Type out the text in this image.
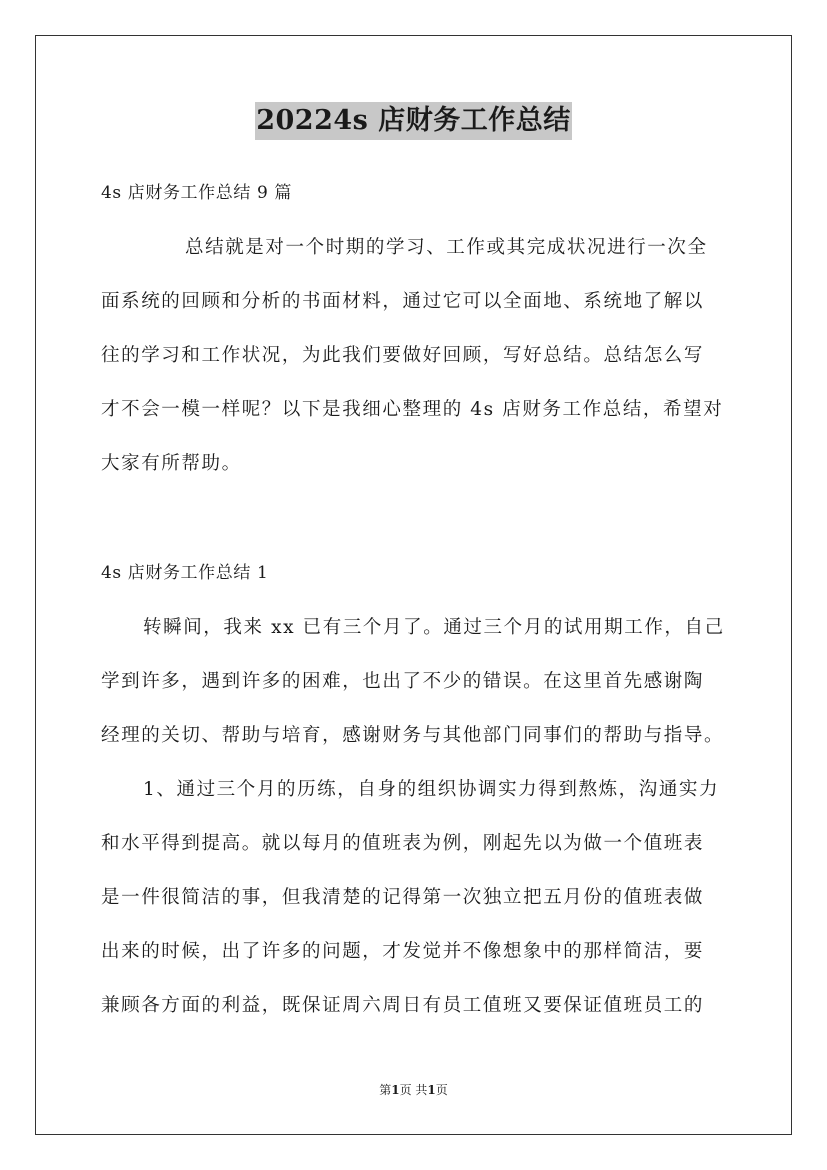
20224s 店财务工作总结
4s 店财务工作总结 9 篇
总结就是对一个时期的学习、工作或其完成状况进行一次全
面系统的回顾和分析的书面材料，通过它可以全面地、系统地了解以
往的学习和工作状况，为此我们要做好回顾，写好总结。总结怎么写
才不会一模一样呢？以下是我细心整理的 4s 店财务工作总结，希望对
大家有所帮助。
4s 店财务工作总结 1
转瞬间，我来 xx 已有三个月了。通过三个月的试用期工作，自己
学到许多，遇到许多的困难，也出了不少的错误。在这里首先感谢陶
经理的关切、帮助与培育，感谢财务与其他部门同事们的帮助与指导。
1、通过三个月的历练，自身的组织协调实力得到熬炼，沟通实力
和水平得到提高。就以每月的值班表为例，刚起先以为做一个值班表
是一件很简洁的事，但我清楚的记得第一次独立把五月份的值班表做
出来的时候，出了许多的问题，才发觉并不像想象中的那样简洁，要
兼顾各方面的利益，既保证周六周日有员工值班又要保证值班员工的
第1页 共1页
